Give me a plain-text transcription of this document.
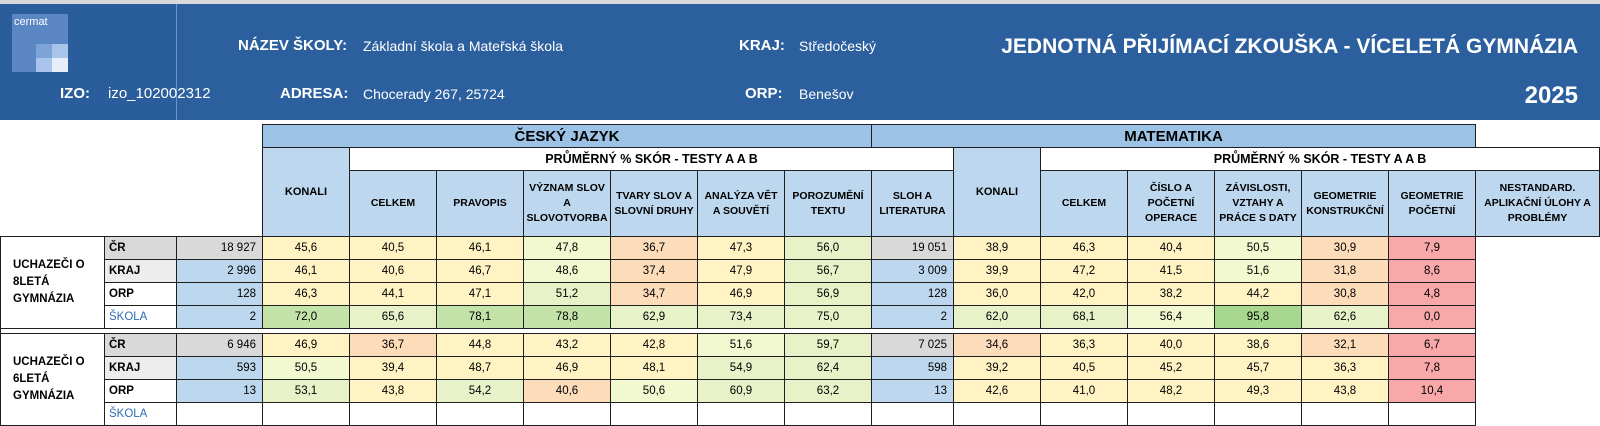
cermat
IZO: izo_102002312
NÁZEV ŠKOLY: Základní škola a Mateřská škola
ADRESA: Chocerady 267, 25724
KRAJ: Středočeský
ORP: Benešov
JEDNOTNÁ PŘIJÍMACÍ ZKOUŠKA - VÍCELETÁ GYMNÁZIA
2025
			ČESKÝ JAZYK							MATEMATIKA							
			KONALI	PRŮMĚRNÝ % SKÓR - TESTY A A B							KONALI	PRŮMĚRNÝ % SKÓR - TESTY A A B					
				CELKEM	PRAVOPIS	VÝZNAM SLOV A SLOVOTVORBA	TVARY SLOV A SLOVNÍ DRUHY	ANALÝZA VĚT A SOUVĚTÍ	POROZUMĚNÍ TEXTU	SLOH A LITERATURA		CELKEM	ČÍSLO A POČETNÍ OPERACE	ZÁVISLOSTI, VZTAHY A PRÁCE S DATY	GEOMETRIE KONSTRUKČNÍ	GEOMETRIE POČETNÍ	NESTANDARD. APLIKAČNÍ ÚLOHY A PROBLÉMY
UCHAZEČI O 8LETÁ GYMNÁZIA	ČR	18 927	45,6	40,5	46,1	47,8	36,7	47,3	56,0	19 051	38,9	46,3	40,4	50,5	30,9	7,9	
	KRAJ	2 996	46,1	40,6	46,7	48,6	37,4	47,9	56,7	3 009	39,9	47,2	41,5	51,6	31,8	8,6	
	ORP	128	46,3	44,1	47,1	51,2	34,7	46,9	56,9	128	36,0	42,0	38,2	44,2	30,8	4,8	
	ŠKOLA	2	72,0	65,6	78,1	78,8	62,9	73,4	75,0	2	62,0	68,1	56,4	95,8	62,6	0,0	

UCHAZEČI O 6LETÁ GYMNÁZIA	ČR	6 946	46,9	36,7	44,8	43,2	42,8	51,6	59,7	7 025	34,6	36,3	40,0	38,6	32,1	6,7	
	KRAJ	593	50,5	39,4	48,7	46,9	48,1	54,9	62,4	598	39,2	40,5	45,2	45,7	36,3	7,8	
	ORP	13	53,1	43,8	54,2	40,6	50,6	60,9	63,2	13	42,6	41,0	48,2	49,3	43,8	10,4	
	ŠKOLA																
